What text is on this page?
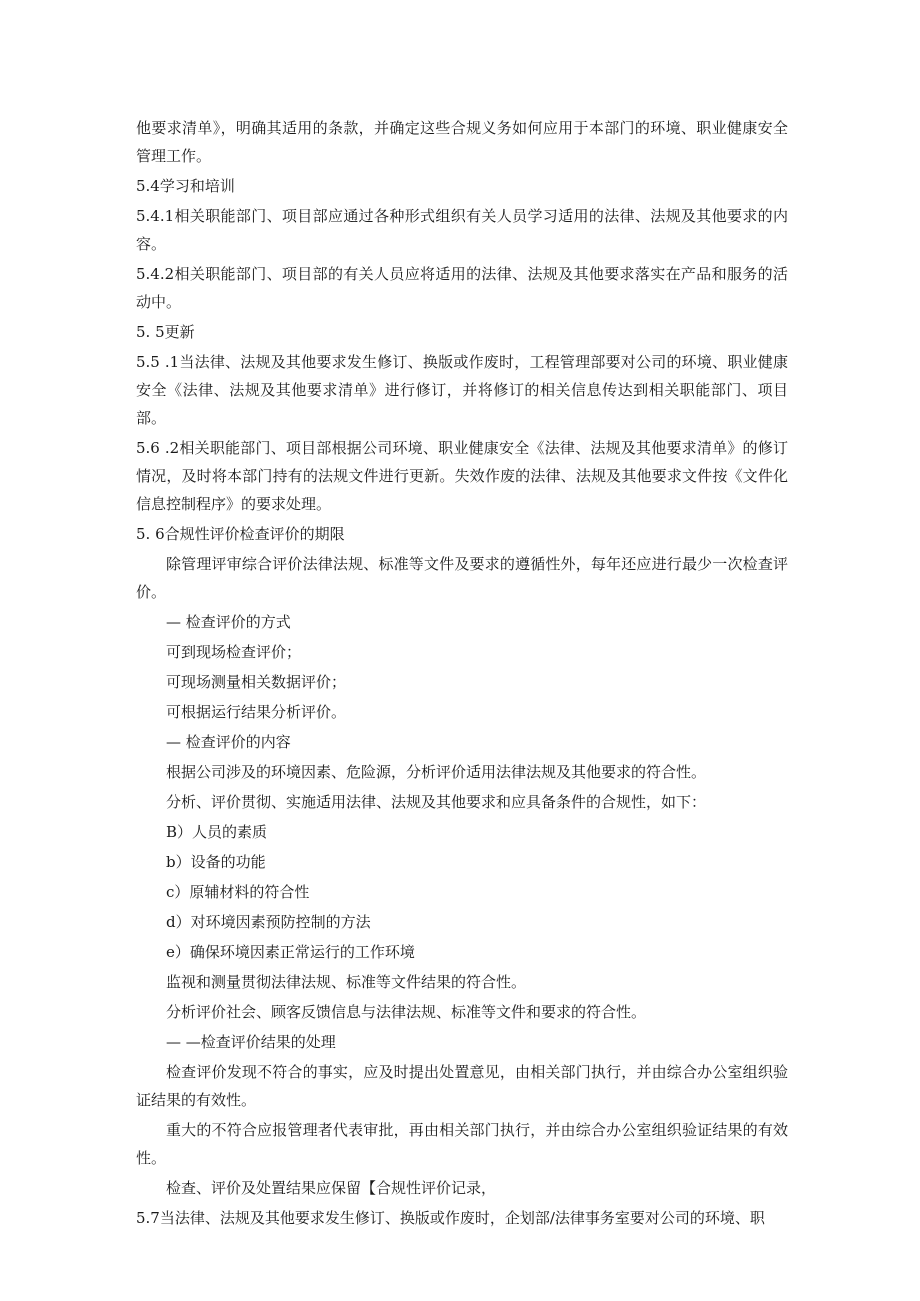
他要求清单》，明确其适用的条款，并确定这些合规义务如何应用于本部门的环境、职业健康安全管理工作。

5.4学习和培训

5.4.1相关职能部门、项目部应通过各种形式组织有关人员学习适用的法律、法规及其他要求的内容。

5.4.2相关职能部门、项目部的有关人员应将适用的法律、法规及其他要求落实在产品和服务的活动中。

5. 5更新

5.5 .1当法律、法规及其他要求发生修订、换版或作废时，工程管理部要对公司的环境、职业健康安全《法律、法规及其他要求清单》进行修订，并将修订的相关信息传达到相关职能部门、项目部。

5.6 .2相关职能部门、项目部根据公司环境、职业健康安全《法律、法规及其他要求清单》的修订情况，及时将本部门持有的法规文件进行更新。失效作废的法律、法规及其他要求文件按《文件化信息控制程序》的要求处理。

5. 6合规性评价检查评价的期限

除管理评审综合评价法律法规、标准等文件及要求的遵循性外，每年还应进行最少一次检查评价。

— 检查评价的方式

可到现场检查评价；

可现场测量相关数据评价；

可根据运行结果分析评价。

— 检查评价的内容

根据公司涉及的环境因素、危险源，分析评价适用法律法规及其他要求的符合性。

分析、评价贯彻、实施适用法律、法规及其他要求和应具备条件的合规性，如下：

B）人员的素质

b）设备的功能

c）原辅材料的符合性

d）对环境因素预防控制的方法

e）确保环境因素正常运行的工作环境

监视和测量贯彻法律法规、标准等文件结果的符合性。

分析评价社会、顾客反馈信息与法律法规、标准等文件和要求的符合性。

— —检查评价结果的处理

检查评价发现不符合的事实，应及时提出处置意见，由相关部门执行，并由综合办公室组织验证结果的有效性。

重大的不符合应报管理者代表审批，再由相关部门执行，并由综合办公室组织验证结果的有效性。

检查、评价及处置结果应保留【合规性评价记录，

5.7当法律、法规及其他要求发生修订、换版或作废时，企划部/法律事务室要对公司的环境、职
